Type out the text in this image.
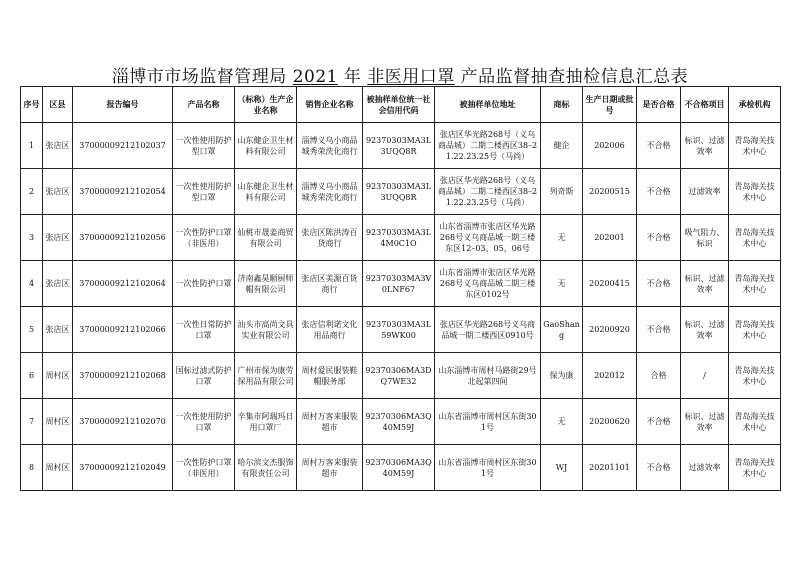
淄博市市场监督管理局 2021 年 非医用口罩 产品监督抽查抽检信息汇总表
序号	区县	报告编号	产品名称	（标称）生产企业名称	销售企业名称	被抽样单位统一社会信用代码	被抽样单位地址	商标	生产日期或批号	是否合格	不合格项目	承检机构
1	张店区	37000009212102037	一次性使用防护型口罩	山东健企卫生材料有限公司	淄博义乌小商品城秀荣洗化商行	92370303MA3L3UQQ8R	张店区华光路268号（义乌商品城）二期二楼西区38–21.22.23.25号（马尚）	健企	202006	不合格	标识、过滤效率	青岛海关技术中心
2	张店区	37000009212102054	一次性使用防护型口罩	山东健企卫生材料有限公司	淄博义乌小商品城秀荣洗化商行	92370303MA3L3UQQ8R	张店区华光路268号（义乌商品城）二期二楼西区38–21.22.23.25号（马尚）	列奇斯	20200515	不合格	过滤效率	青岛海关技术中心
3	张店区	37000009212102056	一次性防护口罩（非医用）	仙桃市晟姜商贸有限公司	张店区陈洪涛百货商行	92370303MA3L4M0C1O	山东省淄博市张店区华光路268号义乌商品城一期三楼东区12–03、05、06号	无	202001	不合格	吸气阻力、标识	青岛海关技术中心
4	张店区	37000009212102064	一次性防护口罩	济南鑫昊顺厨师帽有限公司	张店区美源百货商行	92370303MA3V0LNF67	山东省淄博市张店区华光路268号义乌商品城二期三楼东区0102号	无	20200415	不合格	标识、过滤效率	青岛海关技术中心
5	张店区	37000009212102066	一次性日常防护口罩	汕头市高尚文具实业有限公司	张店信利诺文化用品商行	92370303MA3L59WK00	张店区华光路268号义乌商品城一期二楼西区0910号	GaoShang	20200920	不合格	标识、过滤效率	青岛海关技术中心
6	周村区	37000009212102068	国标过滤式防护口罩	广州市保为康劳保用品有限公司	周村爱民服装鞋帽服务部	92370306MA3DQ7WE32	山东淄博市周村马路街29号北起第四间	保为康	202012	合格	/	青岛海关技术中心
7	周村区	37000009212102070	一次性使用防护口罩	辛集市阿瑞玛日用口罩厂	周村万客来服装超市	92370306MA3Q40M59J	山东省淄博市周村区东街301号	无	20200620	不合格	标识、过滤效率	青岛海关技术中心
8	周村区	37000009212102049	一次性防护口罩（非医用）	哈尔滨文杰服饰有限责任公司	周村万客来服装超市	92370306MA3Q40M59J	山东省淄博市周村区东街301号	WJ	20201101	不合格	过滤效率	青岛海关技术中心
